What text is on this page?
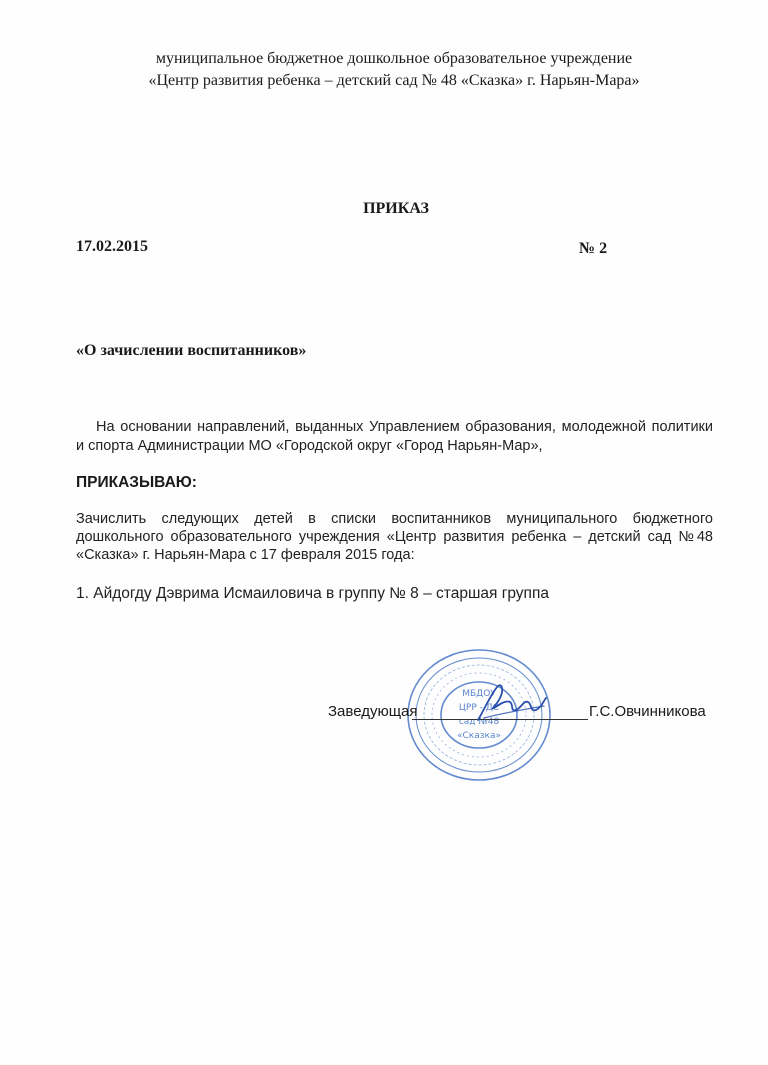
муниципальное бюджетное дошкольное образовательное учреждение
«Центр развития ребенка – детский сад № 48 «Сказка» г. Нарьян-Мара»
ПРИКАЗ
17.02.2015	№ 2
«О зачислении воспитанников»
На основании направлений, выданных Управлением образования, молодежной политики и спорта Администрации МО «Городской округ «Город Нарьян-Мар»,
ПРИКАЗЫВАЮ:
Зачислить следующих детей в списки воспитанников муниципального бюджетного дошкольного образовательного учреждения «Центр развития ребенка – детский сад №48 «Сказка» г. Нарьян-Мара с 17 февраля 2015 года:
1. Айдогду Дэврима Исмаиловича в группу № 8 – старшая группа
МБДОУ
ЦРР - ДС
сад №48
«Сказка»
Заведующая	Г.С.Овчинникова
